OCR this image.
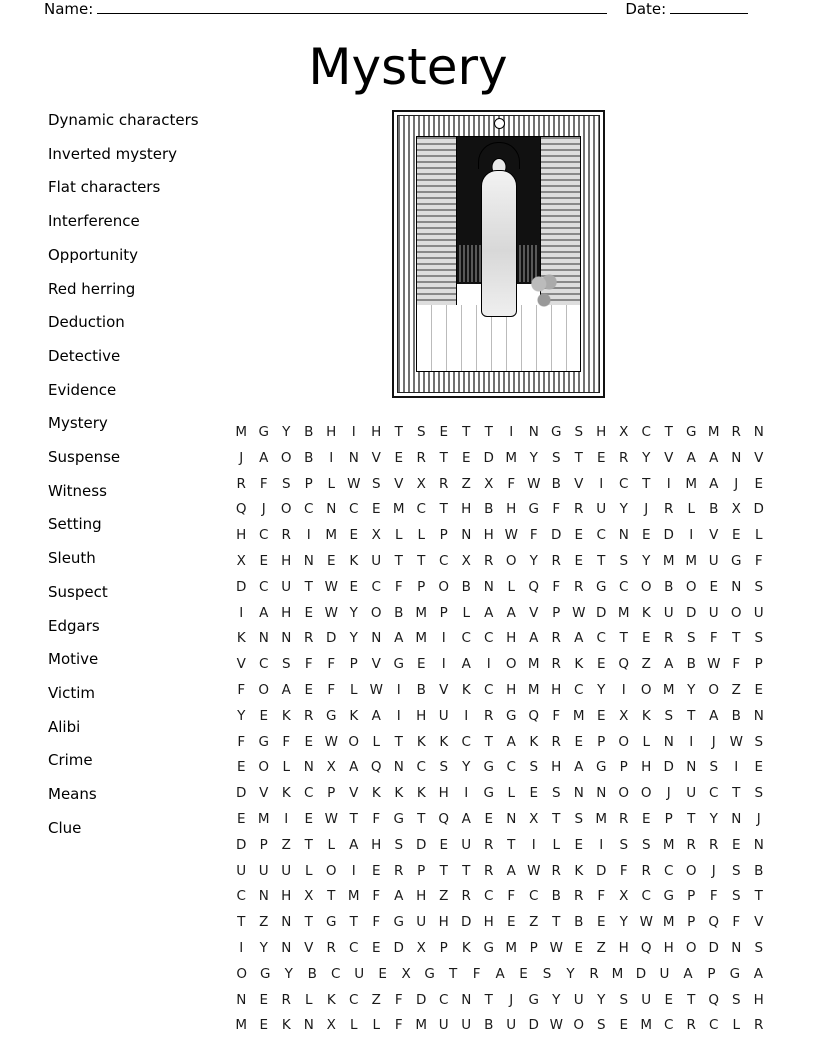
Name:	Date:
Mystery
Dynamic characters
Inverted mystery
Flat characters
Interference
Opportunity
Red herring
Deduction
Detective
Evidence
Mystery
Suspense
Witness
Setting
Sleuth
Suspect
Edgars
Motive
Victim
Alibi
Crime
Means
Clue
M G Y	B H	I	H T	S	E	T	T	I	N G S H X C	T G M R N
J	A O B	I	N V	E	R	T	E D M Y	S	T	E	R	Y	V A A N V
R	F	S	P	L W S	V X R Z X	F W B V	I	C	T	I	M A	J	E
Q	J	O C N C	E M C	T H B H G F	R U Y	J	R	L	B X D
H C R	I	M E	X	L	L	P N H W F D E	C N E D	I	V	E	L
X	E H N E	K U T	T	C X R O Y	R	E	T	S	Y M M U G F
D C U T W E	C	F	P O B N	L Q F	R G C O B O E N S
I	A H E W Y O B M P	L	A A V	P W D M K U D U O U
K N N R D Y N A M	I	C C H A R A C	T	E	R	S	F	T	S
V C S	F	F	P	V G E	I	A	I	O M R K	E Q Z A B W F	P
F O A	E	F	L W	I	B V K C H M H C	Y	I	O M Y O Z	E
Y	E	K R G K A	I	H U	I	R G Q F M E	X K	S	T	A B N
F G F	E W O L	T	K	K C	T	A K R	E	P O L	N	I	J	W S
E O L	N X A Q N C S	Y G C S H A G P H D N S	I	E
D V K C	P	V K	K	K H	I	G	L	E	S N N O O	J	U C	T	S
E M	I	E W T	F G T Q A	E N X	T	S M R	E	P	T	Y N	J
D P	Z	T	L	A H S D E U R	T	I	L	E	I	S	S M R R	E N
U U U	L O	I	E	R	P	T	T	R A W R K D F	R C O	J	S	B
C N H X	T M F	A H Z R C	F	C B R	F	X C G P	F	S	T
T	Z N T G T	F G U H D H E	Z	T	B	E	Y W M P Q F	V
I	Y N V R C	E D X	P	K G M P W E	Z H Q H O D N S
O G	Y	B	C	U	E	X	G	T	F	A	E	S	Y	R M D U	A	P	G	A
N E	R	L	K C Z	F D C N T	J	G Y U Y	S U E	T Q S H
M E	K N X	L	L	F M U U B U D W O S	E M C R C	L	R
